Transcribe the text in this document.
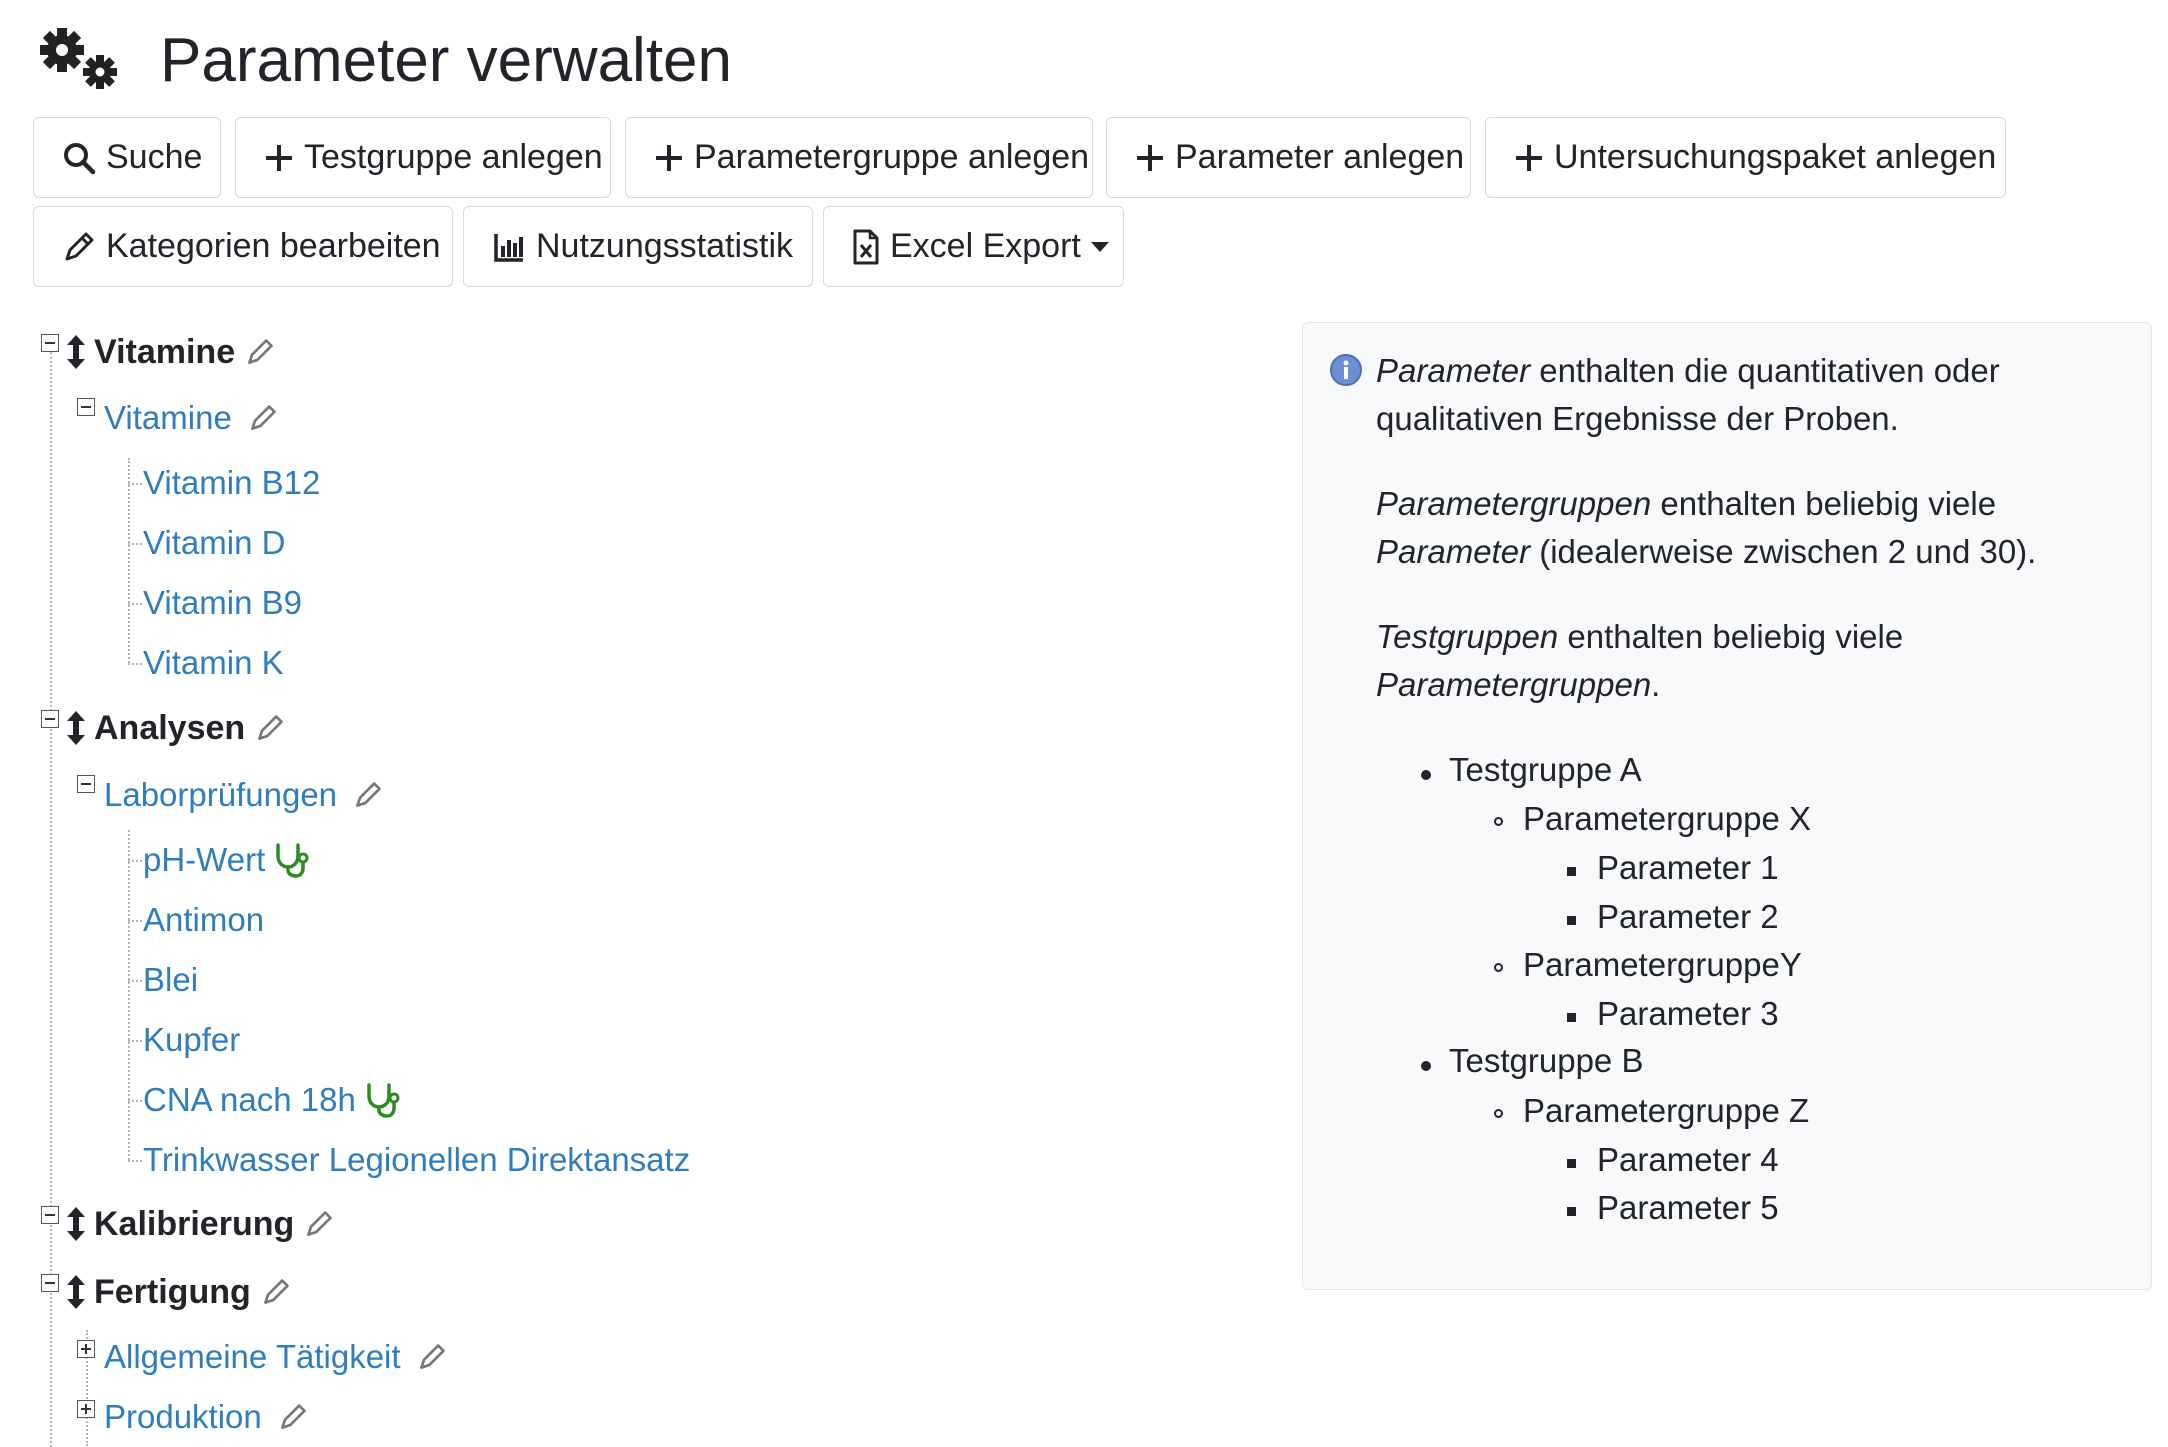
Parameter verwalten
Suche	Testgruppe anlegen	Parametergruppe anlegen	Parameter anlegen	Untersuchungspaket anlegen
Kategorien bearbeiten	Nutzungsstatistik	Excel Export
Vitamine
Vitamine
Vitamin B12
Vitamin D
Vitamin B9
Vitamin K
Analysen
Laborprüfungen
pH-Wert
Antimon
Blei
Kupfer
CNA nach 18h
Trinkwasser Legionellen Direktansatz
Kalibrierung
Fertigung
Allgemeine Tätigkeit
Produktion

Parameter enthalten die quantitativen oder qualitativen Ergebnisse der Proben.

Parametergruppen enthalten beliebig viele Parameter (idealerweise zwischen 2 und 30).

Testgruppen enthalten beliebig viele Parametergruppen.

Testgruppe A
Parametergruppe X
Parameter 1
Parameter 2
ParametergruppeY
Parameter 3
Testgruppe B
Parametergruppe Z
Parameter 4
Parameter 5
